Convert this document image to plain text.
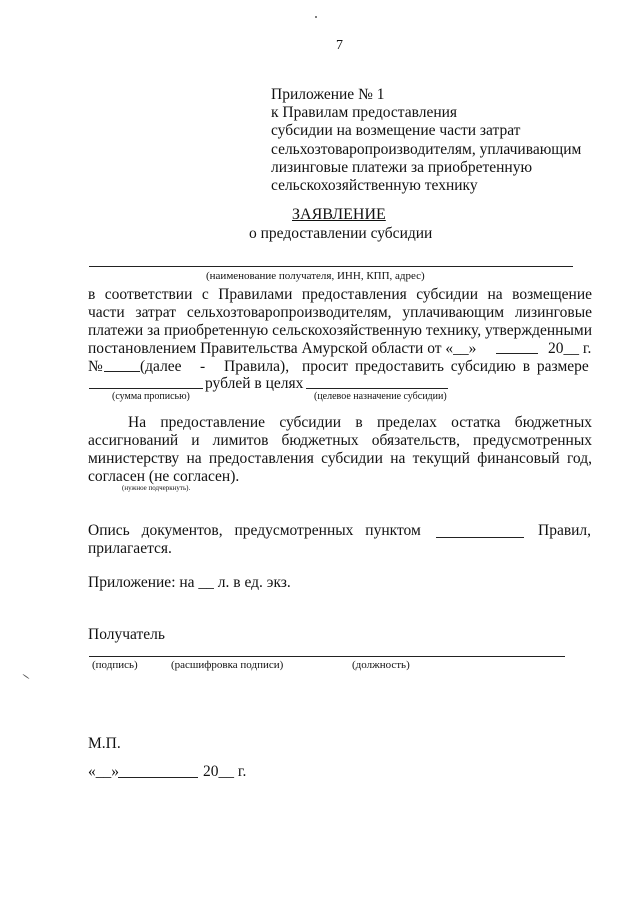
7
Приложение № 1
к Правилам предоставления
субсидии на возмещение части затрат
сельхозтоваропроизводителям, уплачивающим
лизинговые платежи за приобретенную
сельскохозяйственную технику
ЗАЯВЛЕНИЕ
о предоставлении субсидии
(наименование получателя, ИНН, КПП, адрес)
в соответствии с Правилами предоставления субсидии на возмещение
части затрат сельхозтоваропроизводителям, уплачивающим лизинговые
платежи за приобретенную сельскохозяйственную технику, утвержденными
постановлением Правительства Амурской области от «__»	20__ г.
№ (далее - Правила), просит предоставить субсидию в размере
рублей в целях
(сумма прописью)	(целевое назначение субсидии)
На предоставление субсидии в пределах остатка бюджетных
ассигнований и лимитов бюджетных обязательств, предусмотренных
министерству на предоставления субсидии на текущий финансовый год,
согласен (не согласен).
(нужное подчеркнуть).
Опись документов, предусмотренных пунктом	Правил,
прилагается.
Приложение: на __ л. в ед. экз.
Получатель
(подпись)	(расшифровка подписи)	(должность)
М.П.
«__»	20__ г.
